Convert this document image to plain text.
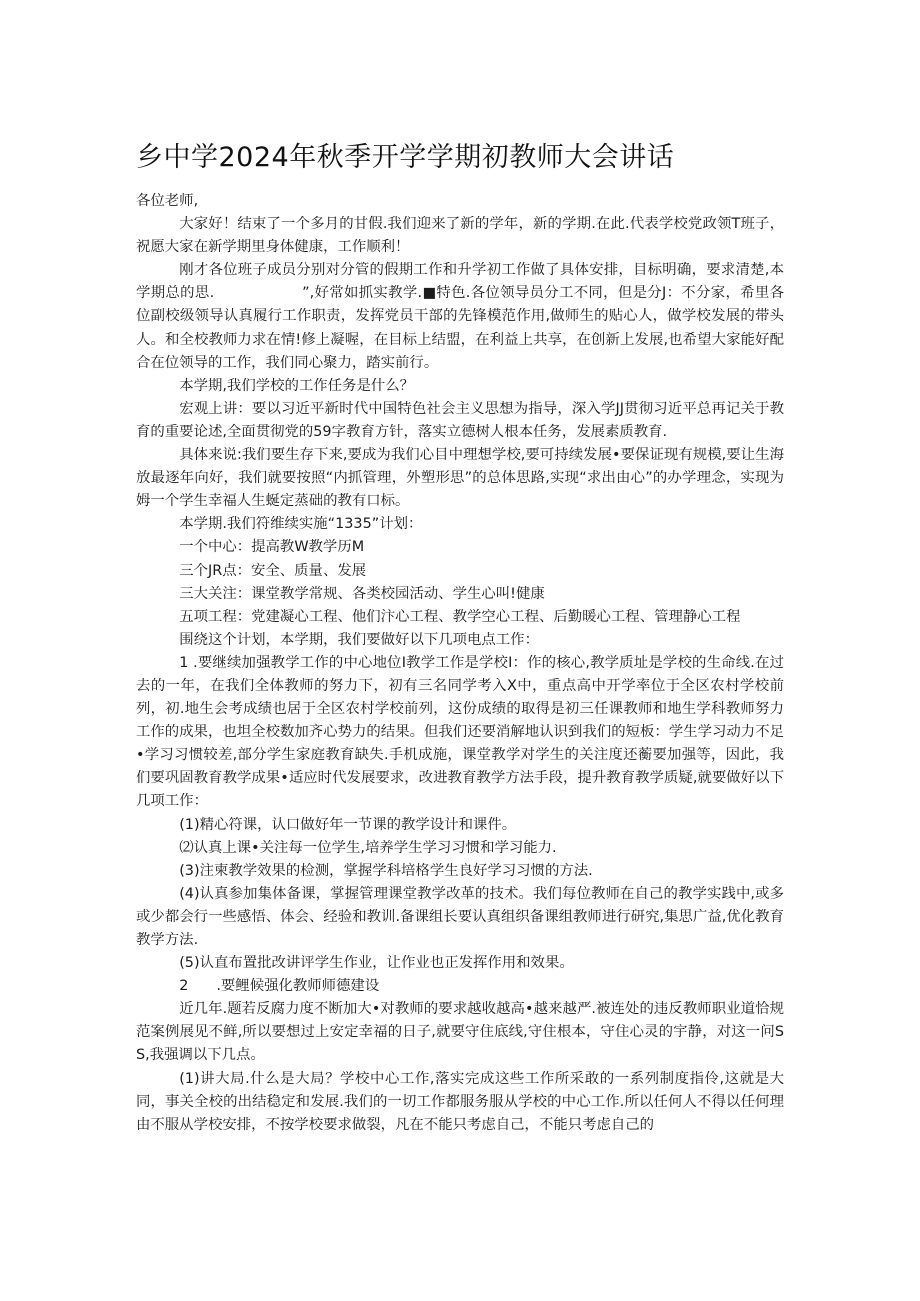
乡中学2024年秋季开学学期初教师大会讲话

各位老师,

大家好！结束了一个多月的甘假.我们迎来了新的学年，新的学期.在此.代表学校党政领T班子，祝愿大家在新学期里身体健康，工作顺利！

刚才各位班子成员分别对分管的假期工作和升学初工作做了具体安排，目标明确，要求清楚,本学期总的思.	”,好常如抓实教学.■特色.各位领导员分工不同，但是分J：不分家，希里各位副校级领导认真履行工作职责，发挥党员干部的先锋模范作用,做师生的贴心人，做学校发展的带头人。和全校教师力求在情!修上凝喔，在目标上结盟，在利益上共享，在创新上发展,也希望大家能好配合在位领导的工作，我们同心聚力，踏实前行。

本学期,我们学校的工作任务是什么？

宏观上讲：要以习近平新时代中国特色社会主义思想为指导，深入学JJ贯彻习近平总再记关于教育的重要论述,全面贯彻党的59字教育方针，落实立德树人根本任务，发展素质教育.

具体来说:我们要生存下来,要成为我们心目中理想学校,要可持续发展•要保证现有规模,要让生海放最逐年向好，我们就要按照“内抓管理，外塑形思”的总体思路,实现“求出由心”的办学理念，实现为姆一个学生幸福人生蜒定蒸础的教有口标。

本学期.我们符维续实施“1335”计划：

一个中心：提高教W教学历M

三个JR点：安全、质量、发展

三大关注：课堂教学常规、各类校园活动、学生心叫!健康

五项工程：党建凝心工程、他们汴心工程、教学空心工程、后勤暖心工程、管理静心工程

围绕这个计划，本学期，我们要做好以下几项电点工作：

1 .要继续加强教学工作的中心地位I教学工作是学校I：作的核心,教学质址是学校的生命线.在过去的一年，在我们全体教师的努力下，初有三名同学考入X中，重点高中开学率位于全区农村学校前列，初.地生会考成绩也居于全区农村学校前列，这份成绩的取得是初三任课教师和地生学科教师努力工作的成果，也坦全校数加齐心势力的结果。但我们还要消解地认识到我们的短板：学生学习动力不足•学习习惯较差,部分学生家庭教育缺失.手机成施，课堂教学对学生的关注度还蘅要加强等，因此，我们要巩固教育教学成果•适应时代发展要求，改进教育教学方法手段，提升教育教学质疑,就要做好以下几项工作：

(1)精心符课，认口做好年一节课的教学设计和课件。

⑵认真上课•关注每一位学生,培养学生学习习惯和学习能力.

(3)注柬教学效果的检测，掌握学科培格学生良好学习习惯的方法.

(4)认真参加集体备课，掌握管理课堂教学改革的技术。我们每位教师在自己的教学实践中,或多或少都会行一些感悟、体会、经验和教训.备课组长要认真组织备课组教师进行研究,集思广益,优化教育教学方法.

(5)认直布置批改讲评学生作业，让作业也正发挥作用和效果。

2 .要鲤候强化教师师德建设

近几年.题若反腐力度不断加大•对教师的要求越收越高•越来越严.被连处的违反教师职业道恰规范案例展见不鲜,所以要想过上安定幸福的日子,就要守住底线,守住根本，守住心灵的宇静，对这一问SS,我强调以下几点。

(1)讲大局.什么是大局？学校中心工作,落实完成这些工作所采敢的一系列制度指伶,这就是大同，事关全校的出结稳定和发展.我们的一切工作都服务服从学校的中心工作.所以任何人不得以任何理由不服从学校安排，不按学校要求做裂，凡在不能只考虑自己，不能只考虑自己的
